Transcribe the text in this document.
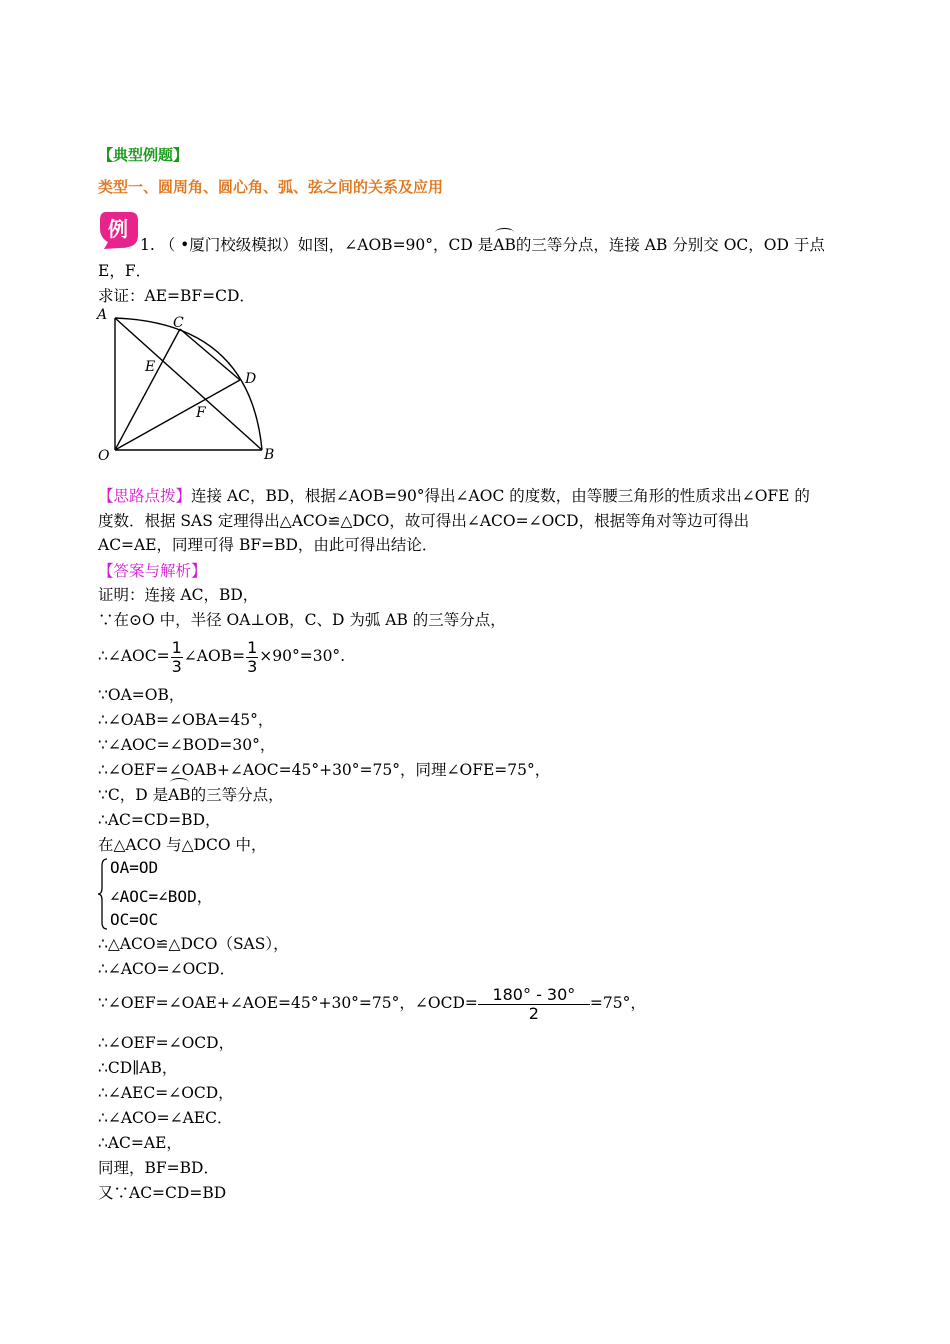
【典型例题】
类型一、圆周角、圆心角、弧、弦之间的关系及应用
例
1. （ •厦门校级模拟）如图，∠AOB=90°，CD 是AB的三等分点，连接 AB 分别交 OC，OD 于点
E，F．
求证：AE=BF=CD．
A	C
E
D
F
O	B
【思路点拨】连接 AC，BD，根据∠AOB=90°得出∠AOC 的度数，由等腰三角形的性质求出∠OFE 的
度数．根据 SAS 定理得出△ACO≌△DCO，故可得出∠ACO=∠OCD，根据等角对等边可得出
AC=AE，同理可得 BF=BD，由此可得出结论．
【答案与解析】
证明：连接 AC，BD，
∵在⊙O 中，半径 OA⊥OB，C、D 为弧 AB 的三等分点，
∴∠AOC= $\frac{1}{3}$ ∠AOB= $\frac{1}{3} \times 90^\circ=30^\circ$.
∵OA=OB，
∴∠OAB=∠OBA=45°，
∵∠AOC=∠BOD=30°，
∴∠OEF=∠OAB+∠AOC=45°+30°=75°，同理∠OFE=75°，
∵C，D 是AB的三等分点，
∴AC=CD=BD，
在△ACO 与△DCO 中，
OA=OD
∠AOC=∠BOD，
OC=OC
∴△ACO≌△DCO（SAS），
∴∠ACO=∠OCD．
∵∠OEF=∠OAE+∠AOE=45°+30°=75°，∠OCD= $\frac{180^\circ - 30^\circ}{2} =75^\circ$，
∴∠OEF=∠OCD，
∴CD∥AB，
∴∠AEC=∠OCD，
∴∠ACO=∠AEC．
∴AC=AE，
同理，BF=BD．
又∵AC=CD=BD
